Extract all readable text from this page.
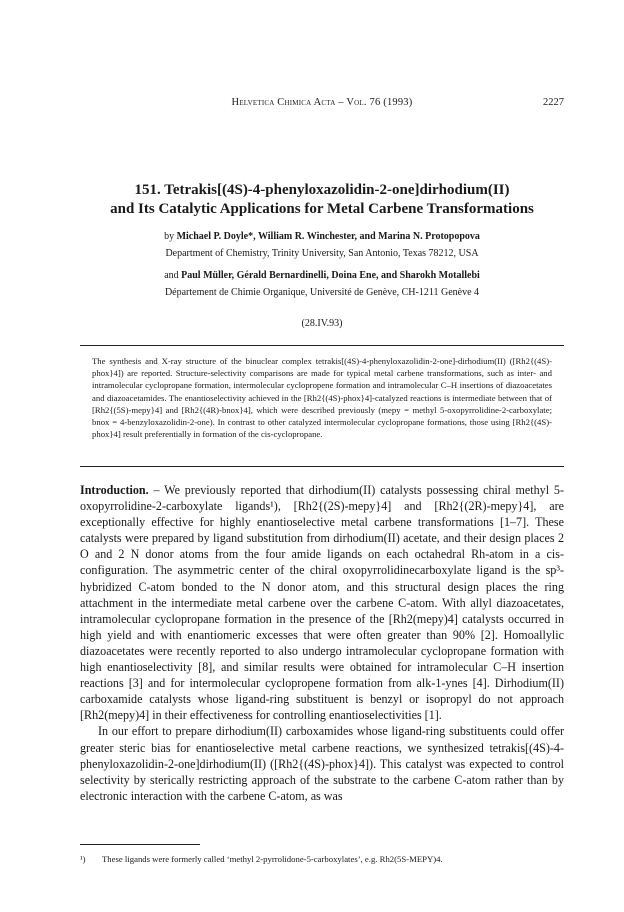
Helvetica Chimica Acta – Vol. 76 (1993)	2227
151. Tetrakis[(4S)-4-phenyloxazolidin-2-one]dirhodium(II)
and Its Catalytic Applications for Metal Carbene Transformations
by Michael P. Doyle*, William R. Winchester, and Marina N. Protopopova
Department of Chemistry, Trinity University, San Antonio, Texas 78212, USA
and Paul Müller, Gérald Bernardinelli, Doina Ene, and Sharokh Motallebi
Département de Chimie Organique, Université de Genève, CH-1211 Genève 4
(28.IV.93)

The synthesis and X-ray structure of the binuclear complex tetrakis[(4S)-4-phenyloxazolidin-2-one]-dirhodium(II) ([Rh2{(4S)-phox}4]) are reported. Structure-selectivity comparisons are made for typical metal carbene transformations, such as inter- and intramolecular cyclopropane formation, intermolecular cyclopropene formation and intramolecular C–H insertions of diazoacetates and diazoacetamides. The enantioselectivity achieved in the [Rh2{(4S)-phox}4]-catalyzed reactions is intermediate between that of [Rh2{(5S)-mepy}4] and [Rh2{(4R)-bnox}4], which were described previously (mepy = methyl 5-oxopyrrolidine-2-carboxylate; bnox = 4-benzyloxazolidin-2-one). In contrast to other catalyzed intermolecular cyclopropane formations, those using [Rh2{(4S)-phox}4] result preferentially in formation of the cis-cyclopropane.

Introduction. – We previously reported that dirhodium(II) catalysts possessing chiral methyl 5-oxopyrrolidine-2-carboxylate ligands¹), [Rh2{(2S)-mepy}4] and [Rh2{(2R)-mepy}4], are exceptionally effective for highly enantioselective metal carbene transformations [1–7]. These catalysts were prepared by ligand substitution from dirhodium(II) acetate, and their design places 2 O and 2 N donor atoms from the four amide ligands on each octahedral Rh-atom in a cis-configuration. The asymmetric center of the chiral oxopyrrolidinecarboxylate ligand is the sp³-hybridized C-atom bonded to the N donor atom, and this structural design places the ring attachment in the intermediate metal carbene over the carbene C-atom. With allyl diazoacetates, intramolecular cyclopropane formation in the presence of the [Rh2(mepy)4] catalysts occurred in high yield and with enantiomeric excesses that were often greater than 90% [2]. Homoallylic diazoacetates were recently reported to also undergo intramolecular cyclopropane formation with high enantioselectivity [8], and similar results were obtained for intramolecular C–H insertion reactions [3] and for intermolecular cyclopropene formation from alk-1-ynes [4]. Dirhodium(II) carboxamide catalysts whose ligand-ring substituent is benzyl or isopropyl do not approach [Rh2(mepy)4] in their effectiveness for controlling enantioselectivities [1].

In our effort to prepare dirhodium(II) carboxamides whose ligand-ring substituents could offer greater steric bias for enantioselective metal carbene reactions, we synthesized tetrakis[(4S)-4-phenyloxazolidin-2-one]dirhodium(II) ([Rh2{(4S)-phox}4]). This catalyst was expected to control selectivity by sterically restricting approach of the substrate to the carbene C-atom rather than by electronic interaction with the carbene C-atom, as was

¹) These ligands were formerly called ‘methyl 2-pyrrolidone-5-carboxylates’, e.g. Rh2(5S-MEPY)4.
